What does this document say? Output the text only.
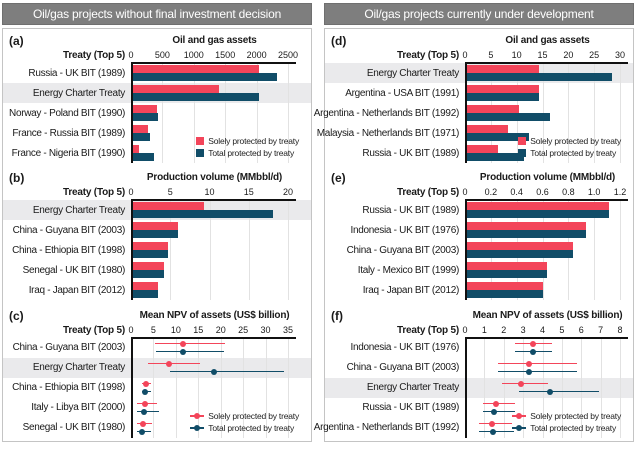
Oil/gas projects without final investment decision
(a)	Oil and gas assets
Treaty (Top 5) 0 500 1000 1500 2000 2500
Russia - UK BIT (1989)
Energy Charter Treaty
Norway - Poland BIT (1990)
France - Russia BIT (1989)
France - Nigeria BIT (1990)
Solely protected by treaty
Total protected by treaty
(b)	Production volume (MMbbl/d)
Treaty (Top 5) 0	5	10	15	20
Energy Charter Treaty
China - Guyana BIT (2003)
China - Ethiopia BIT (1998)
Senegal - UK BIT (1980)
Iraq - Japan BIT (2012)
(c)	Mean NPV of assets (US$ billion)
Treaty (Top 5) 0 5 10 15 20 25 30 35
China - Guyana BIT (2003)
Energy Charter Treaty
China - Ethiopia BIT (1998)
Italy - Libya BIT (2000)
Senegal - UK BIT (1980)
Solely protected by treaty
Total protected by treaty
Oil/gas projects currently under development
(d)	Oil and gas assets
Treaty (Top 5) 0 5 10 15 20 25 30
Energy Charter Treaty
Argentina - USA BIT (1991)
Argentina - Netherlands BIT (1992)
Malaysia - Netherlands BIT (1971)
Russia - UK BIT (1989)
Solely protected by treaty
Total protected by treaty
(e)	Production volume (MMbbl/d)
Treaty (Top 5) 0 0.2 0.4 0.6 0.8 1.0 1.2
Russia - UK BIT (1989)
Indonesia - UK BIT (1976)
China - Guyana BIT (2003)
Italy - Mexico BIT (1999)
Iraq - Japan BIT (2012)
(f)	Mean NPV of assets (US$ billion)
Treaty (Top 5) 0 1 2 3 4 5 6 7 8
Indonesia - UK BIT (1976)
China - Guyana BIT (2003)
Energy Charter Treaty
Russia - UK BIT (1989)
Argentina - Netherlands BIT (1992)
Solely protected by treaty
Total protected by treaty
